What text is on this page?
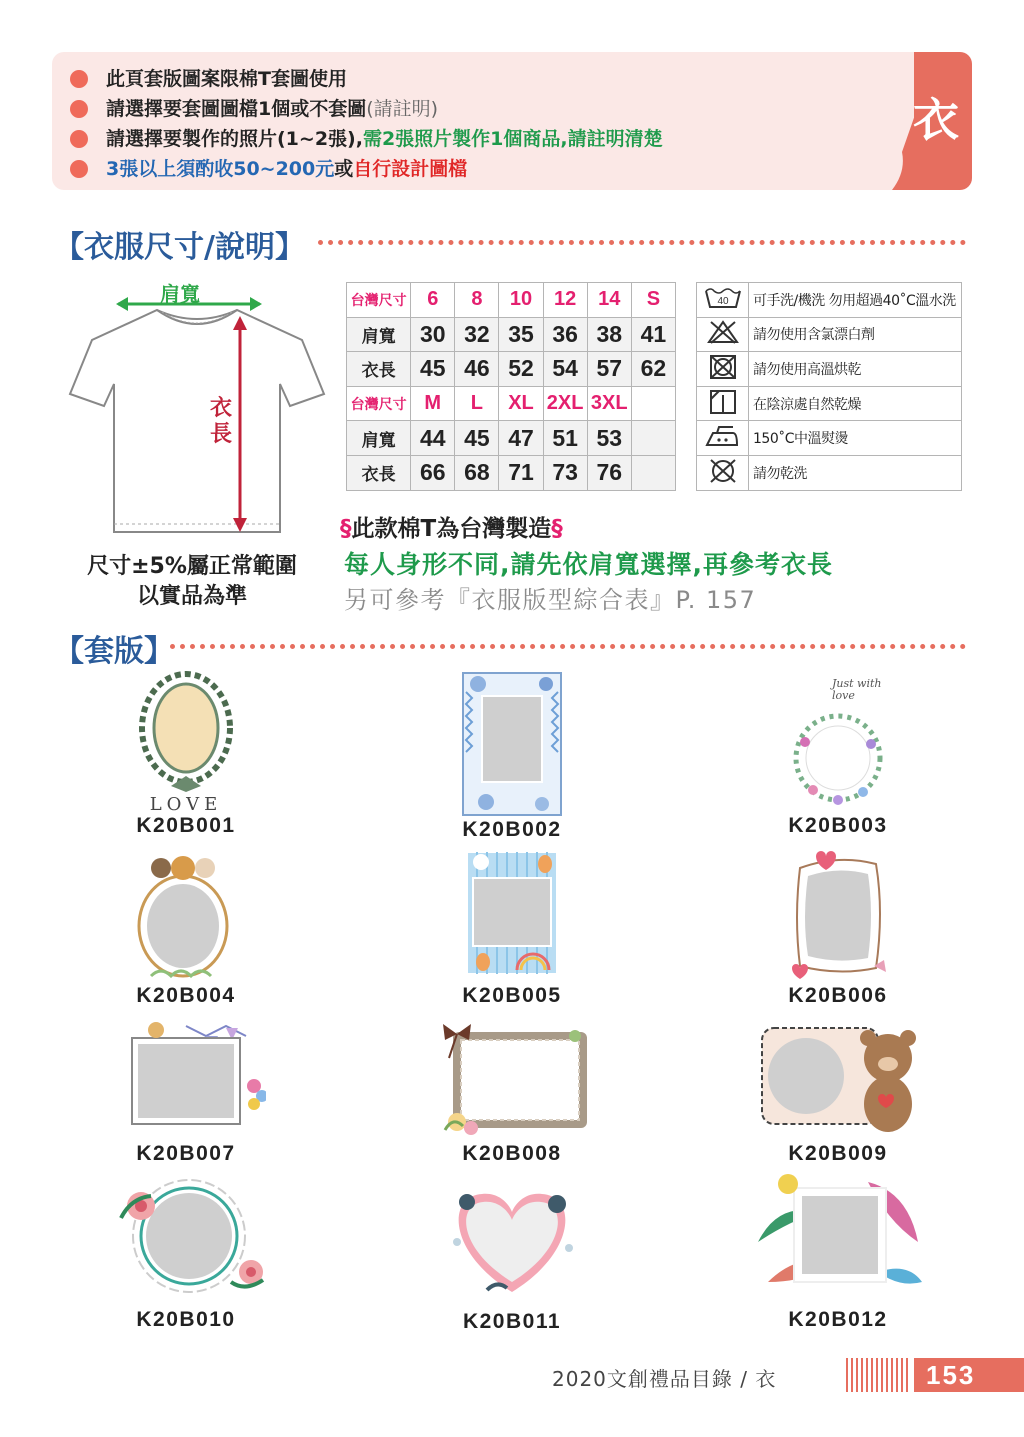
此頁套版圖案限棉T套圖使用
請選擇要套圖圖檔1個或不套圖 (請註明)
請選擇要製作的照片(1~2張), 需2張照片製作1個商品,請註明清楚
3張以上須酌收50~200元 或 自行設計圖檔
衣
【衣服尺寸/說明】
肩寬
衣長
尺寸±5%屬正常範圍
以實品為準
台灣尺寸	6	8	10	12	14	S
肩寬	30	32	35	36	38	41
衣長	45	46	52	54	57	62
台灣尺寸	M	L	XL	2XL	3XL	
肩寬	44	45	47	51	53	
衣長	66	68	71	73	76	
40	可手洗/機洗 勿用超過40˚C溫水洗
	請勿使用含氯漂白劑
	請勿使用高溫烘乾
	在陰涼處自然乾燥
	150˚C中溫熨燙
	請勿乾洗
§此款棉T為台灣製造§
每人身形不同,請先依肩寬選擇,再參考衣長
另可參考『衣服版型綜合表』P. 157
【套版】
LOVE
K20B001	K20B002
Just with love
K20B003
K20B004	K20B005	K20B006
K20B007	K20B008	K20B009
K20B010	K20B011	K20B012
2020文創禮品目錄 / 衣	153
